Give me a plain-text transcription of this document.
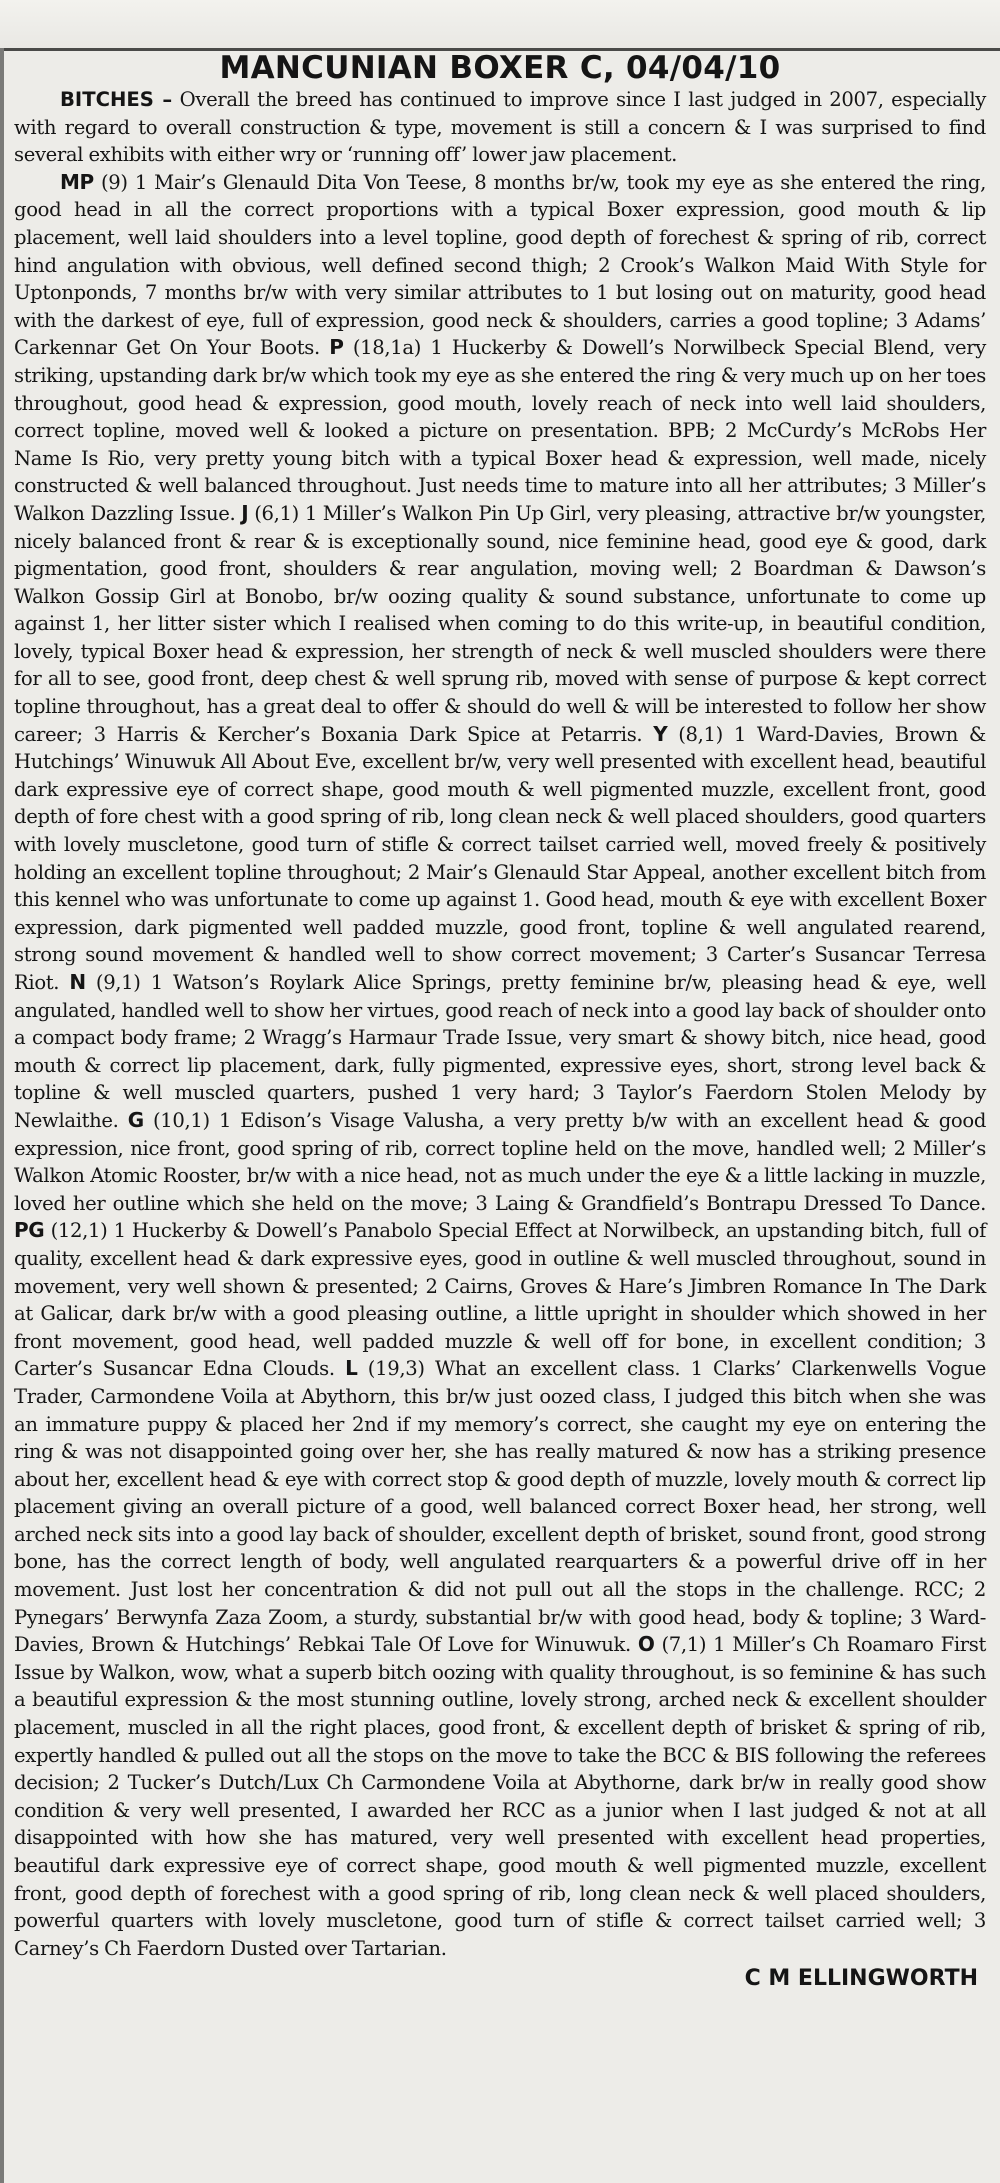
MANCUNIAN BOXER C, 04/04/10

BITCHES – Overall the breed has continued to improve since I last judged in 2007, especially with regard to overall construction & type, movement is still a concern & I was surprised to find several exhibits with either wry or ‘running off’ lower jaw placement.

MP (9) 1 Mair’s Glenauld Dita Von Teese, 8 months br/w, took my eye as she entered the ring, good head in all the correct proportions with a typical Boxer expression, good mouth & lip placement, well laid shoulders into a level topline, good depth of forechest & spring of rib, correct hind angulation with obvious, well defined second thigh; 2 Crook’s Walkon Maid With Style for Uptonponds, 7 months br/w with very similar attributes to 1 but losing out on maturity, good head with the darkest of eye, full of expression, good neck & shoulders, carries a good topline; 3 Adams’ Carkennar Get On Your Boots. P (18,1a) 1 Huckerby & Dowell’s Norwilbeck Special Blend, very striking, upstanding dark br/w which took my eye as she entered the ring & very much up on her toes throughout, good head & expression, good mouth, lovely reach of neck into well laid shoulders, correct topline, moved well & looked a picture on presentation. BPB; 2 McCurdy’s McRobs Her Name Is Rio, very pretty young bitch with a typical Boxer head & expression, well made, nicely constructed & well balanced throughout. Just needs time to mature into all her attributes; 3 Miller’s Walkon Dazzling Issue. J (6,1) 1 Miller’s Walkon Pin Up Girl, very pleasing, attractive br/w youngster, nicely balanced front & rear & is exceptionally sound, nice feminine head, good eye & good, dark pigmentation, good front, shoulders & rear angulation, moving well; 2 Boardman & Dawson’s Walkon Gossip Girl at Bonobo, br/w oozing quality & sound substance, unfortunate to come up against 1, her litter sister which I realised when coming to do this write-up, in beautiful condition, lovely, typical Boxer head & expression, her strength of neck & well muscled shoulders were there for all to see, good front, deep chest & well sprung rib, moved with sense of purpose & kept correct topline throughout, has a great deal to offer & should do well & will be interested to follow her show career; 3 Harris & Kercher’s Boxania Dark Spice at Petarris. Y (8,1) 1 Ward-Davies, Brown & Hutchings’ Winuwuk All About Eve, excellent br/w, very well presented with excellent head, beautiful dark expressive eye of correct shape, good mouth & well pigmented muzzle, excellent front, good depth of fore chest with a good spring of rib, long clean neck & well placed shoulders, good quarters with lovely muscletone, good turn of stifle & correct tailset carried well, moved freely & positively holding an excellent topline throughout; 2 Mair’s Glenauld Star Appeal, another excellent bitch from this kennel who was unfortunate to come up against 1. Good head, mouth & eye with excellent Boxer expression, dark pigmented well padded muzzle, good front, topline & well angulated rearend, strong sound movement & handled well to show correct movement; 3 Carter’s Susancar Terresa Riot. N (9,1) 1 Watson’s Roylark Alice Springs, pretty feminine br/w, pleasing head & eye, well angulated, handled well to show her virtues, good reach of neck into a good lay back of shoulder onto a compact body frame; 2 Wragg’s Harmaur Trade Issue, very smart & showy bitch, nice head, good mouth & correct lip placement, dark, fully pigmented, expressive eyes, short, strong level back & topline & well muscled quarters, pushed 1 very hard; 3 Taylor’s Faerdorn Stolen Melody by Newlaithe. G (10,1) 1 Edison’s Visage Valusha, a very pretty b/w with an excellent head & good expression, nice front, good spring of rib, correct topline held on the move, handled well; 2 Miller’s Walkon Atomic Rooster, br/w with a nice head, not as much under the eye & a little lacking in muzzle, loved her outline which she held on the move; 3 Laing & Grandfield’s Bontrapu Dressed To Dance. PG (12,1) 1 Huckerby & Dowell’s Panabolo Special Effect at Norwilbeck, an upstanding bitch, full of quality, excellent head & dark expressive eyes, good in outline & well muscled throughout, sound in movement, very well shown & presented; 2 Cairns, Groves & Hare’s Jimbren Romance In The Dark at Galicar, dark br/w with a good pleasing outline, a little upright in shoulder which showed in her front movement, good head, well padded muzzle & well off for bone, in excellent condition; 3 Carter’s Susancar Edna Clouds. L (19,3) What an excellent class. 1 Clarks’ Clarkenwells Vogue Trader, Carmondene Voila at Abythorn, this br/w just oozed class, I judged this bitch when she was an immature puppy & placed her 2nd if my memory’s correct, she caught my eye on entering the ring & was not disappointed going over her, she has really matured & now has a striking presence about her, excellent head & eye with correct stop & good depth of muzzle, lovely mouth & correct lip placement giving an overall picture of a good, well balanced correct Boxer head, her strong, well arched neck sits into a good lay back of shoulder, excellent depth of brisket, sound front, good strong bone, has the correct length of body, well angulated rearquarters & a powerful drive off in her movement. Just lost her concentration & did not pull out all the stops in the challenge. RCC; 2 Pynegars’ Berwynfa Zaza Zoom, a sturdy, substantial br/w with good head, body & topline; 3 Ward-Davies, Brown & Hutchings’ Rebkai Tale Of Love for Winuwuk. O (7,1) 1 Miller’s Ch Roamaro First Issue by Walkon, wow, what a superb bitch oozing with quality throughout, is so feminine & has such a beautiful expression & the most stunning outline, lovely strong, arched neck & excellent shoulder placement, muscled in all the right places, good front, & excellent depth of brisket & spring of rib, expertly handled & pulled out all the stops on the move to take the BCC & BIS following the referees decision; 2 Tucker’s Dutch/Lux Ch Carmondene Voila at Abythorne, dark br/w in really good show condition & very well presented, I awarded her RCC as a junior when I last judged & not at all disappointed with how she has matured, very well presented with excellent head properties, beautiful dark expressive eye of correct shape, good mouth & well pigmented muzzle, excellent front, good depth of forechest with a good spring of rib, long clean neck & well placed shoulders, powerful quarters with lovely muscletone, good turn of stifle & correct tailset carried well; 3 Carney’s Ch Faerdorn Dusted over Tartarian.

C M ELLINGWORTH
